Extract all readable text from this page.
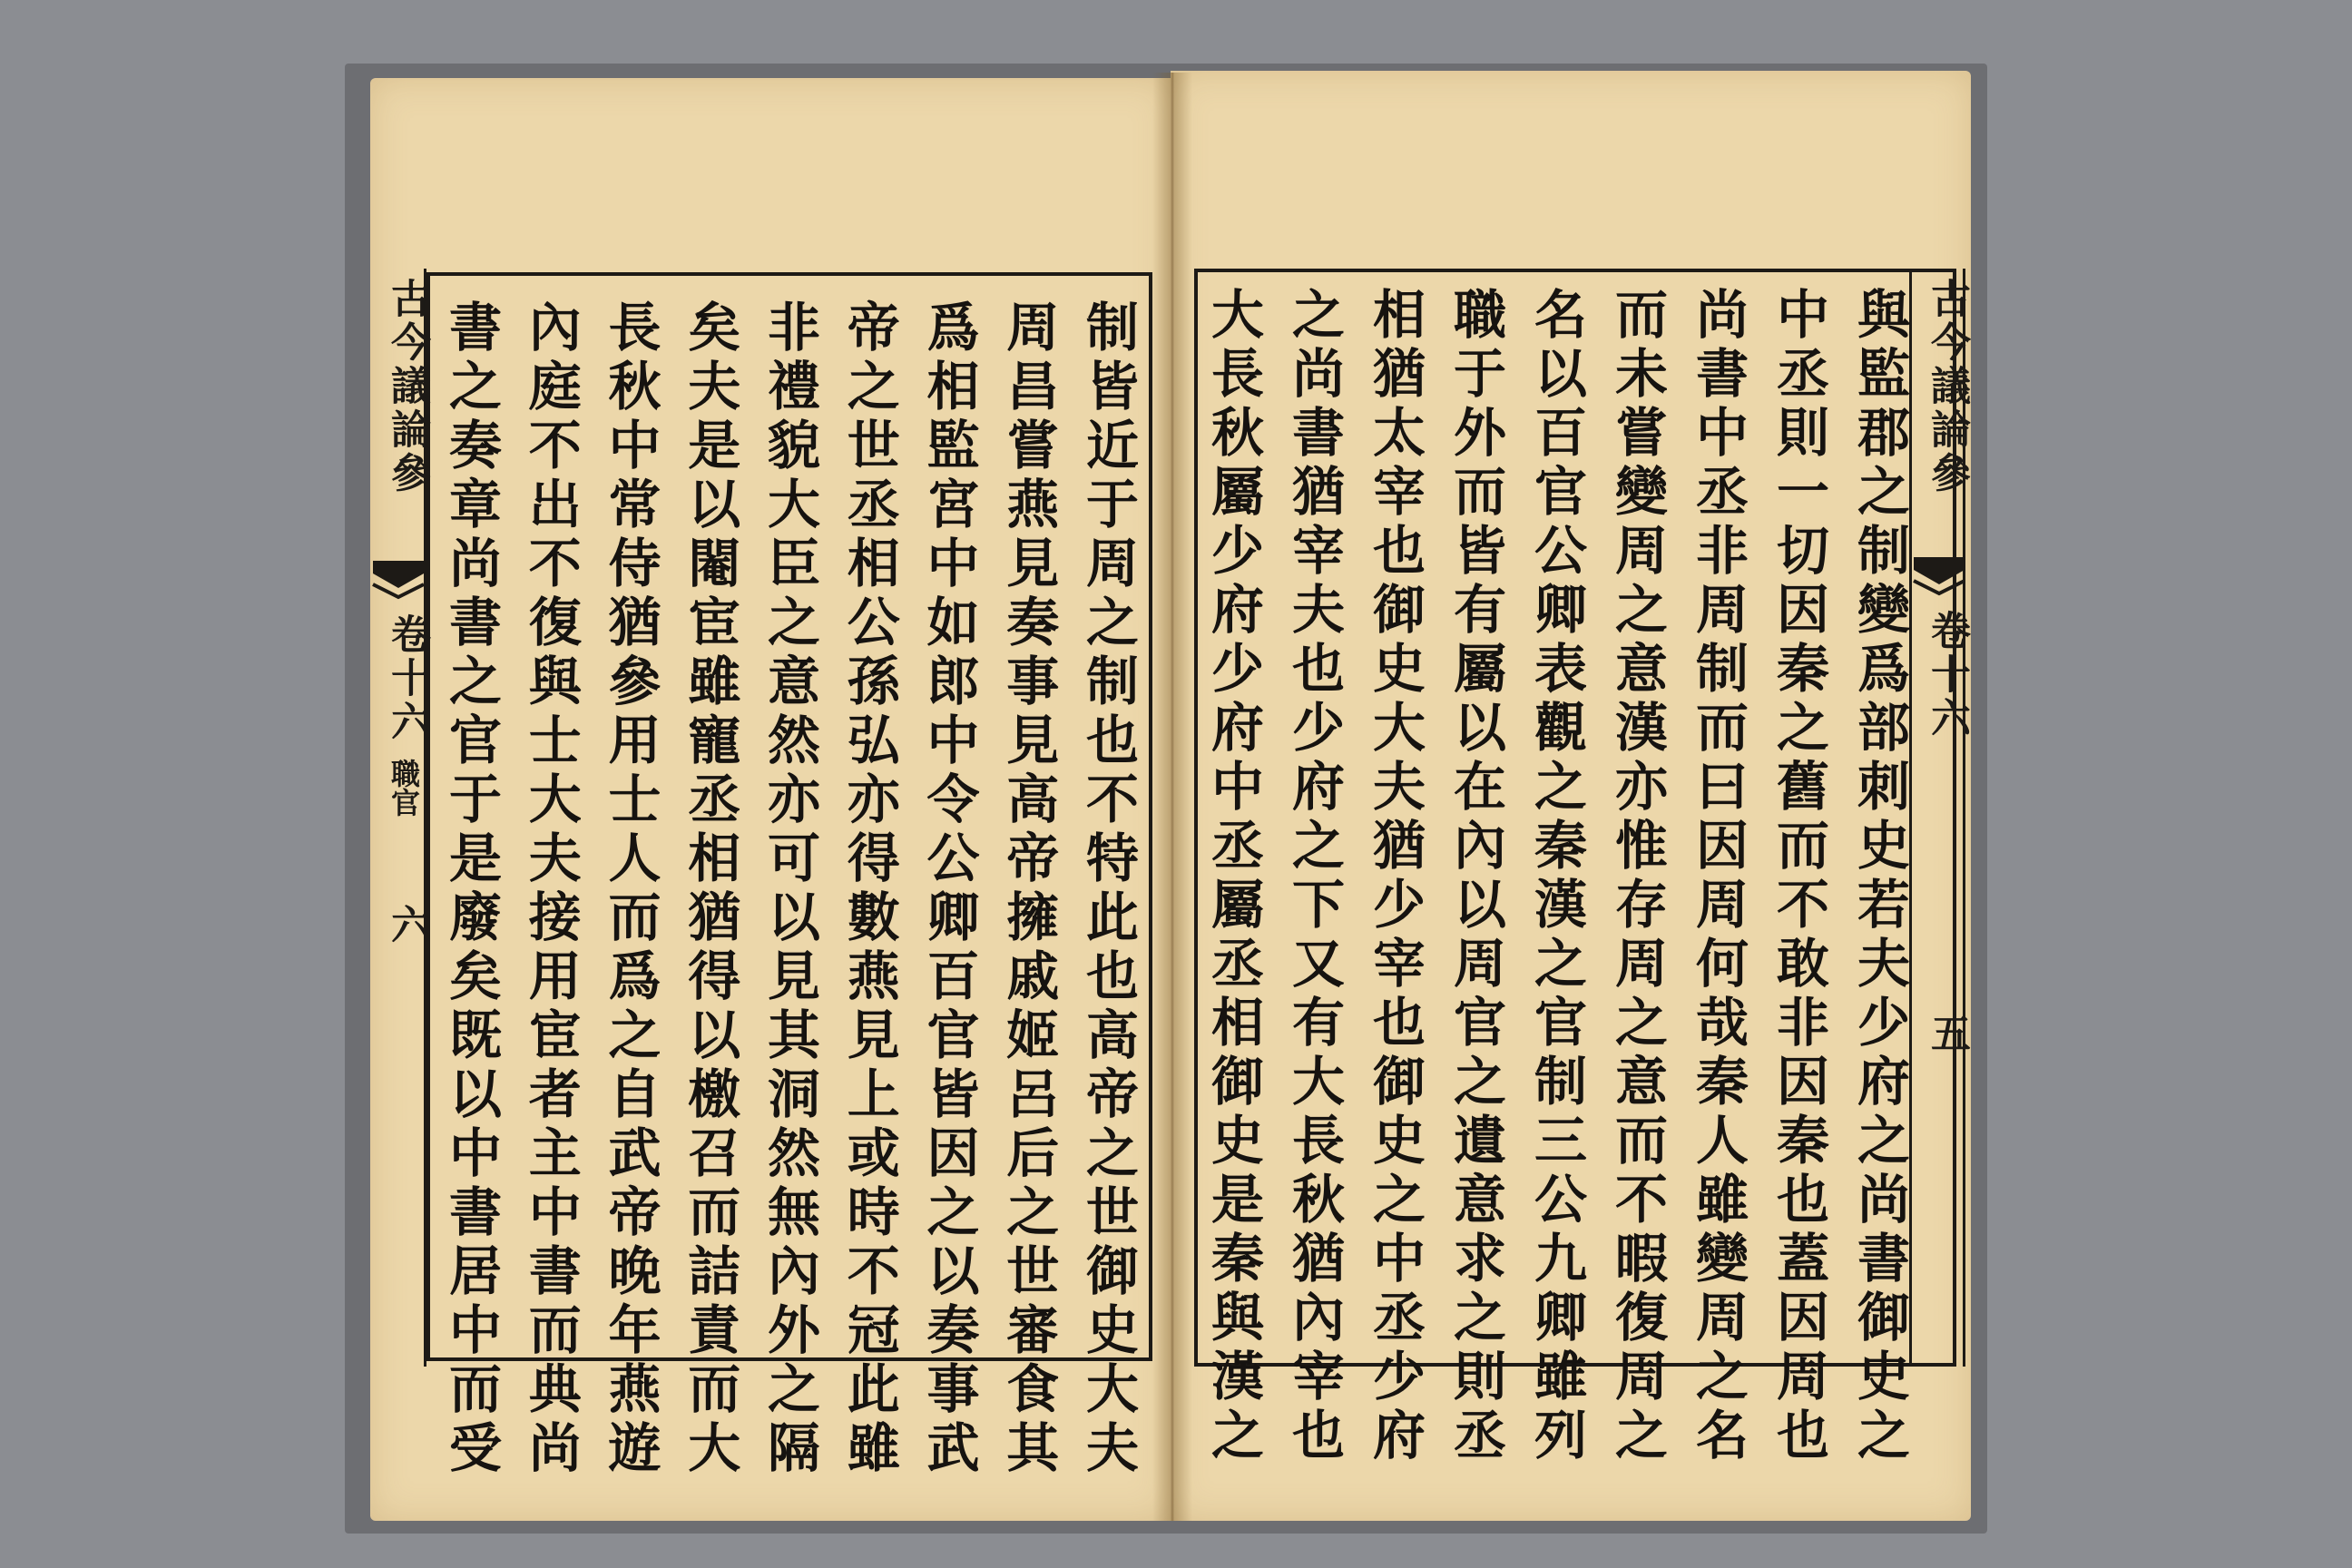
古今議論參
卷十六
職官
六	制皆近于周之制也不特此也高帝之世御史大夫
周昌嘗燕見奏事見高帝擁戚姬呂后之世審食其
爲相監宮中如郎中令公卿百官皆因之以奏事武
帝之世丞相公孫弘亦得數燕見上或時不冠此雖
非禮貌大臣之意然亦可以見其洞然無內外之隔
矣夫是以閹宦雖寵丞相猶得以檄召而詰責而大
長秋中常侍猶參用士人而爲之自武帝晚年燕遊
內庭不出不復與士大夫接用宦者主中書而典尚
書之奏章尚書之官于是廢矣既以中書居中而受	古今議論參
卷十六
五
與監郡之制變爲部刺史若夫少府之尚書御史之
中丞則一切因秦之舊而不敢非因秦也蓋因周也
尚書中丞非周制而曰因周何哉秦人雖變周之名
而未嘗變周之意漢亦惟存周之意而不暇復周之
名以百官公卿表觀之秦漢之官制三公九卿雖列
職于外而皆有屬以在內以周官之遺意求之則丞
相猶太宰也御史大夫猶少宰也御史之中丞少府
之尚書猶宰夫也少府之下又有大長秋猶內宰也
大長秋屬少府少府中丞屬丞相御史是秦與漢之
